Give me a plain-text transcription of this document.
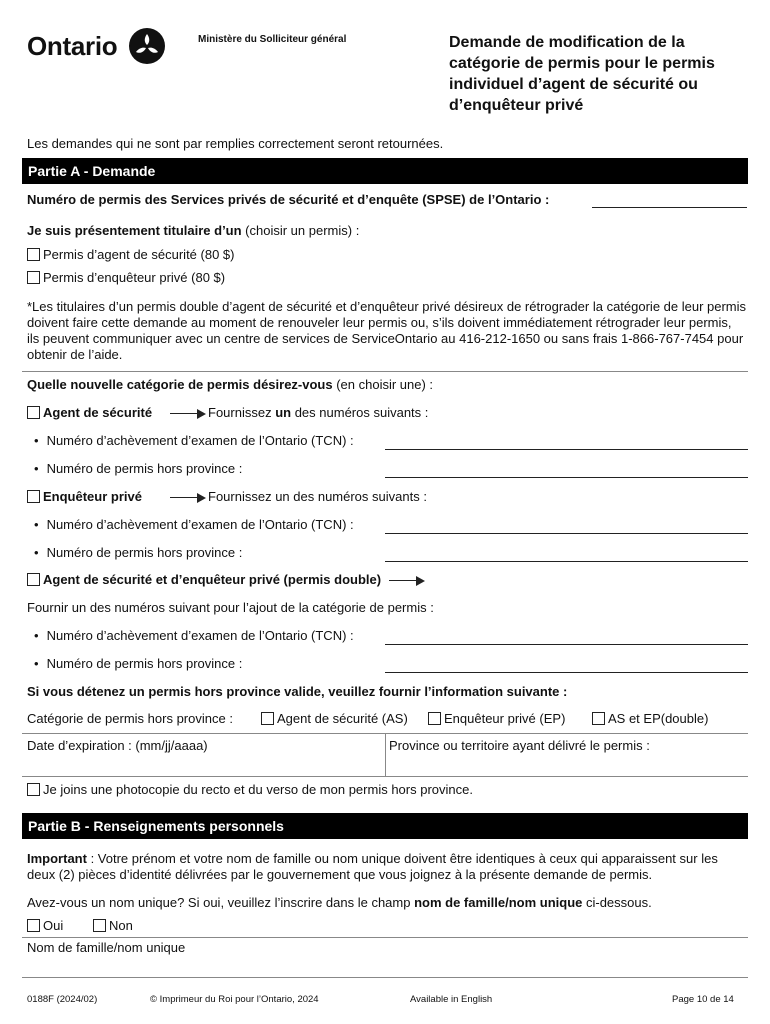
Ontario	Ministère du Solliciteur général	Demande de modification de la catégorie de permis pour le permis individuel d’agent de sécurité ou d’enquêteur privé
Les demandes qui ne sont par remplies correctement seront retournées.
Partie A - Demande
Numéro de permis des Services privés de sécurité et d’enquête (SPSE) de l’Ontario :
Je suis présentement titulaire d’un (choisir un permis) :
Permis d’agent de sécurité (80 $)
Permis d’enquêteur privé (80 $)
*Les titulaires d’un permis double d’agent de sécurité et d’enquêteur privé désireux de rétrograder la catégorie de leur permis doivent faire cette demande au moment de renouveler leur permis ou, s’ils doivent immédiatement rétrograder leur permis, ils peuvent communiquer avec un centre de services de ServiceOntario au 416-212-1650 ou sans frais 1-866-767-7454 pour obtenir de l’aide.
Quelle nouvelle catégorie de permis désirez-vous (en choisir une) :
Agent de sécurité	Fournissez un des numéros suivants :
• Numéro d’achèvement d’examen de l’Ontario (TCN) :
• Numéro de permis hors province :
Enquêteur privé	Fournissez un des numéros suivants :
• Numéro d’achèvement d’examen de l’Ontario (TCN) :
• Numéro de permis hors province :
Agent de sécurité et d’enquêteur privé (permis double)
Fournir un des numéros suivant pour l’ajout de la catégorie de permis :
• Numéro d’achèvement d’examen de l’Ontario (TCN) :
• Numéro de permis hors province :
Si vous détenez un permis hors province valide, veuillez fournir l’information suivante :
Catégorie de permis hors province :	Agent de sécurité (AS)	Enquêteur privé (EP)	AS et EP(double)
Date d’expiration : (mm/jj/aaaa)	Province ou territoire ayant délivré le permis :
Je joins une photocopie du recto et du verso de mon permis hors province.
Partie B - Renseignements personnels
Important : Votre prénom et votre nom de famille ou nom unique doivent être identiques à ceux qui apparaissent sur les deux (2) pièces d’identité délivrées par le gouvernement que vous joignez à la présente demande de permis.
Avez-vous un nom unique? Si oui, veuillez l’inscrire dans le champ nom de famille/nom unique ci-dessous.
Oui	Non
Nom de famille/nom unique
0188F (2024/02)	© Imprimeur du Roi pour l’Ontario, 2024	Available in English	Page 10 de 14
